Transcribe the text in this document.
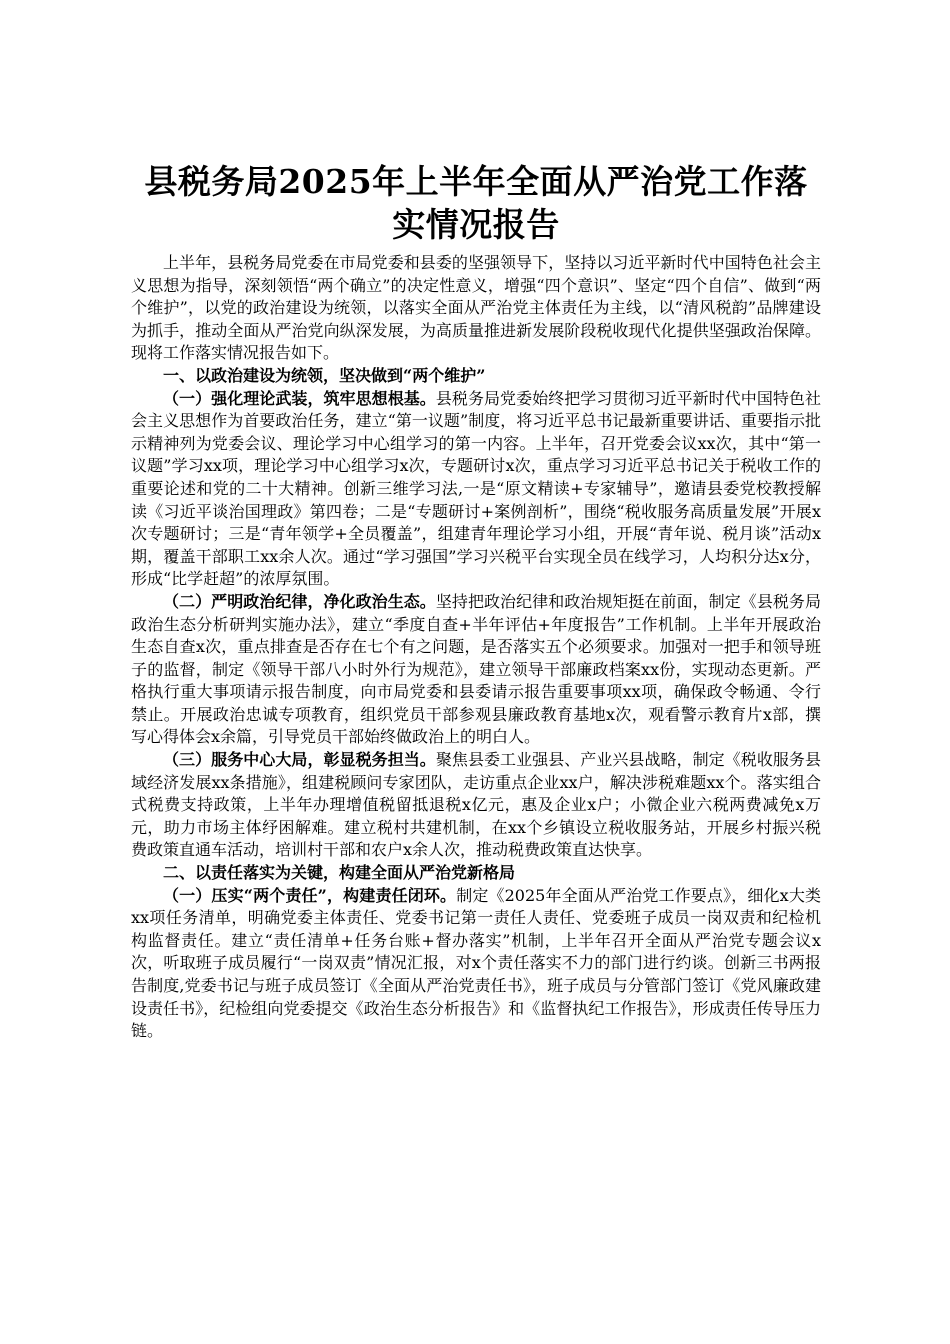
县税务局2025年上半年全面从严治党工作落实情况报告

上半年，县税务局党委在市局党委和县委的坚强领导下，坚持以习近平新时代中国特色社会主义思想为指导，深刻领悟“两个确立”的决定性意义，增强“四个意识”、坚定“四个自信”、做到“两个维护”，以党的政治建设为统领，以落实全面从严治党主体责任为主线，以“清风税韵”品牌建设为抓手，推动全面从严治党向纵深发展，为高质量推进新发展阶段税收现代化提供坚强政治保障。现将工作落实情况报告如下。

一、以政治建设为统领，坚决做到“两个维护”

（一）强化理论武装，筑牢思想根基。县税务局党委始终把学习贯彻习近平新时代中国特色社会主义思想作为首要政治任务，建立“第一议题”制度，将习近平总书记最新重要讲话、重要指示批示精神列为党委会议、理论学习中心组学习的第一内容。上半年，召开党委会议xx次，其中“第一议题”学习xx项，理论学习中心组学习x次，专题研讨x次，重点学习习近平总书记关于税收工作的重要论述和党的二十大精神。创新三维学习法,一是“原文精读+专家辅导”，邀请县委党校教授解读《习近平谈治国理政》第四卷；二是“专题研讨+案例剖析”，围绕“税收服务高质量发展”开展x次专题研讨；三是“青年领学+全员覆盖”，组建青年理论学习小组，开展“青年说、税月谈”活动x期，覆盖干部职工xx余人次。通过“学习强国”学习兴税平台实现全员在线学习，人均积分达x分，形成“比学赶超”的浓厚氛围。

（二）严明政治纪律，净化政治生态。坚持把政治纪律和政治规矩挺在前面，制定《县税务局政治生态分析研判实施办法》，建立“季度自查+半年评估+年度报告”工作机制。上半年开展政治生态自查x次，重点排查是否存在七个有之问题，是否落实五个必须要求。加强对一把手和领导班子的监督，制定《领导干部八小时外行为规范》，建立领导干部廉政档案xx份，实现动态更新。严格执行重大事项请示报告制度，向市局党委和县委请示报告重要事项xx项，确保政令畅通、令行禁止。开展政治忠诚专项教育，组织党员干部参观县廉政教育基地x次，观看警示教育片x部，撰写心得体会x余篇，引导党员干部始终做政治上的明白人。

（三）服务中心大局，彰显税务担当。聚焦县委工业强县、产业兴县战略，制定《税收服务县域经济发展xx条措施》，组建税顾问专家团队，走访重点企业xx户，解决涉税难题xx个。落实组合式税费支持政策，上半年办理增值税留抵退税x亿元，惠及企业x户；小微企业六税两费减免x万元，助力市场主体纾困解难。建立税村共建机制，在xx个乡镇设立税收服务站，开展乡村振兴税费政策直通车活动，培训村干部和农户x余人次，推动税费政策直达快享。

二、以责任落实为关键，构建全面从严治党新格局

（一）压实“两个责任”，构建责任闭环。制定《2025年全面从严治党工作要点》，细化x大类xx项任务清单，明确党委主体责任、党委书记第一责任人责任、党委班子成员一岗双责和纪检机构监督责任。建立“责任清单+任务台账+督办落实”机制，上半年召开全面从严治党专题会议x次，听取班子成员履行“一岗双责”情况汇报，对x个责任落实不力的部门进行约谈。创新三书两报告制度,党委书记与班子成员签订《全面从严治党责任书》，班子成员与分管部门签订《党风廉政建设责任书》，纪检组向党委提交《政治生态分析报告》和《监督执纪工作报告》，形成责任传导压力链。
